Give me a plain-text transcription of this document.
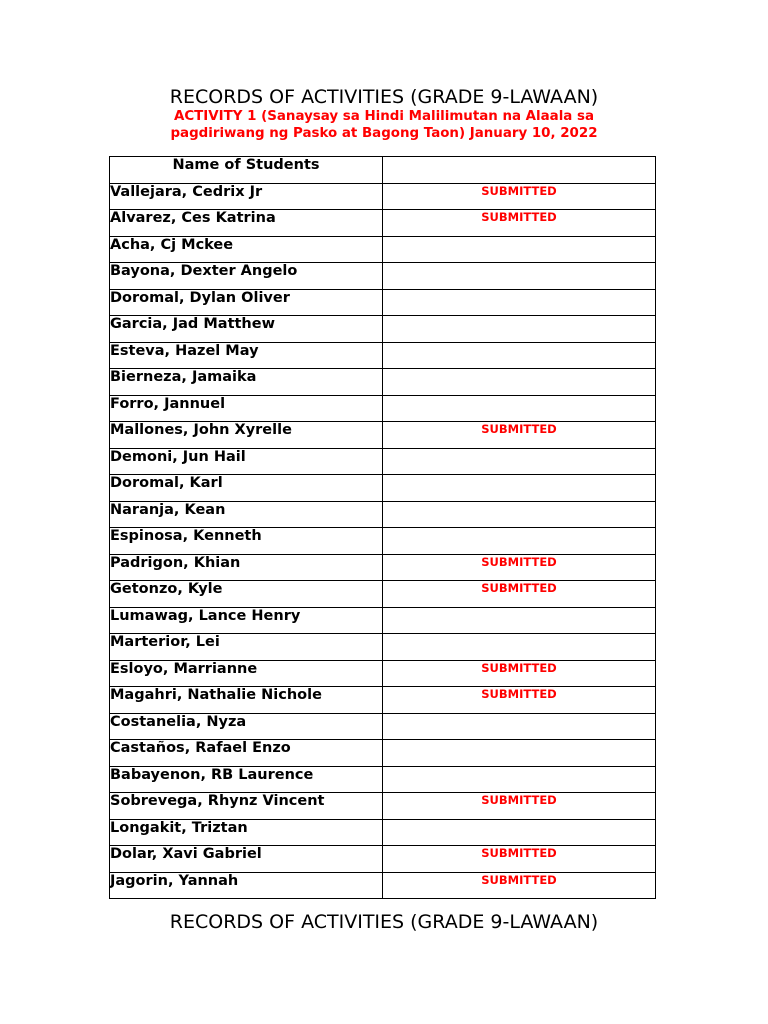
RECORDS OF ACTIVITIES (GRADE 9-LAWAAN)
ACTIVITY 1 (Sanaysay sa Hindi Malilimutan na Alaala sa
pagdiriwang ng Pasko at Bagong Taon) January 10, 2022
Name of Students	
Vallejara, Cedrix Jr	SUBMITTED
Alvarez, Ces Katrina	SUBMITTED
Acha, Cj Mckee	
Bayona, Dexter Angelo	
Doromal, Dylan Oliver	
Garcia, Jad Matthew	
Esteva, Hazel May	
Bierneza, Jamaika	
Forro, Jannuel	
Mallones, John Xyrelle	SUBMITTED
Demoni, Jun Hail	
Doromal, Karl	
Naranja, Kean	
Espinosa, Kenneth	
Padrigon, Khian	SUBMITTED
Getonzo, Kyle	SUBMITTED
Lumawag, Lance Henry	
Marterior, Lei	
Esloyo, Marrianne	SUBMITTED
Magahri, Nathalie Nichole	SUBMITTED
Costanelia, Nyza	
Castaños, Rafael Enzo	
Babayenon, RB Laurence	
Sobrevega, Rhynz Vincent	SUBMITTED
Longakit, Triztan	
Dolar, Xavi Gabriel	SUBMITTED
Jagorin, Yannah	SUBMITTED
RECORDS OF ACTIVITIES (GRADE 9-LAWAAN)
